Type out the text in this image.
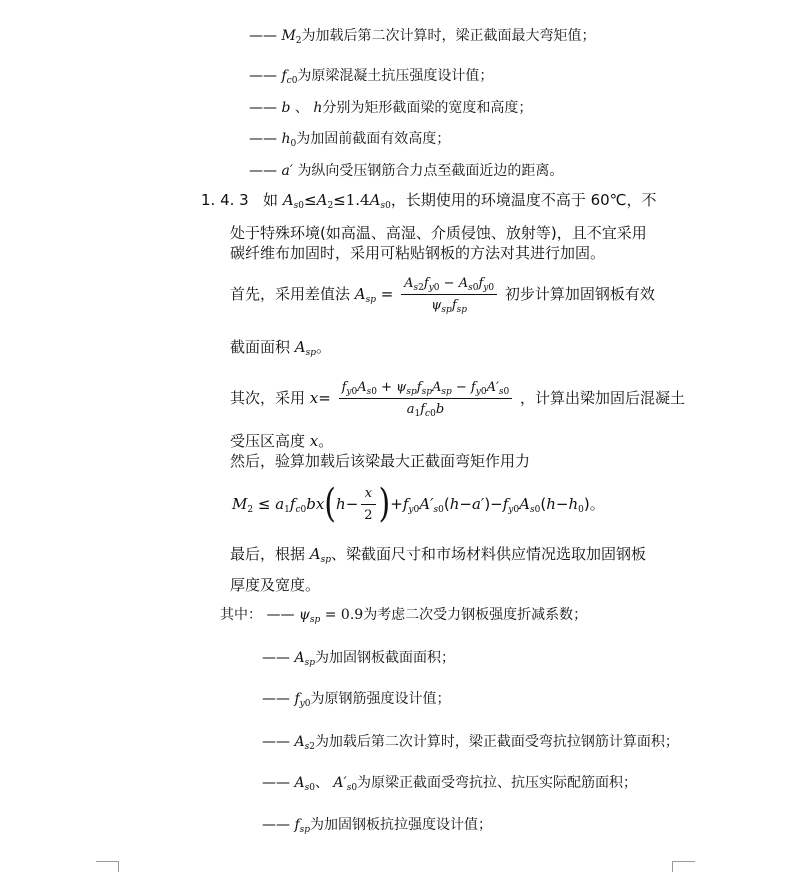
—— $M_2$为加载后第二次计算时，梁正截面最大弯矩值；
—— $f_{c0}$为原梁混凝土抗压强度设计值；
—— b 、 h分别为矩形截面梁的宽度和高度；
—— $h_0$为加固前截面有效高度；
—— a′ 为纵向受压钢筋合力点至截面近边的距离。
1. 4. 3 如 $A_{s0}\le A_2\le 1.4A_{s0}$，长期使用的环境温度不高于 60℃，不
处于特殊环境(如高温、高湿、介质侵蚀、放射等)，且不宜采用
碳纤维布加固时，采用可粘贴钢板的方法对其进行加固。
首先，采用差值法 $A_{sp} = \frac{A_{s2}f_{y0} - A_{s0}f_{y0}}{\psi_{sp}f_{sp}}$ 初步计算加固钢板有效
截面面积 $A_{sp}$。
其次，采用 $x= \frac{f_{y0}A_{s0} + \psi_{sp}f_{sp}A_{sp} - f_{y0}A'_{s0}}{a_1f_{c0}b}$ ，计算出梁加固后混凝土
受压区高度 x。
然后，验算加载后该梁最大正截面弯矩作用力
$M_2 \le a_1f_{c0}bx(h- \frac{x}{2} )+f_{y0}A'_{s0}(h-a')-f_{y0}A_{s0}(h-h_0)$。
最后，根据 $A_{sp}$、梁截面尺寸和市场材料供应情况选取加固钢板
厚度及宽度。
其中： —— $\psi_{sp} = 0.9$为考虑二次受力钢板强度折减系数；
—— $A_{sp}$为加固钢板截面面积；
—— $f_{y0}$为原钢筋强度设计值；
—— $A_{s2}$为加载后第二次计算时，梁正截面受弯抗拉钢筋计算面积；
—— $A_{s0}$、 $A'_{s0}$为原梁正截面受弯抗拉、抗压实际配筋面积；
—— $f_{sp}$为加固钢板抗拉强度设计值；
